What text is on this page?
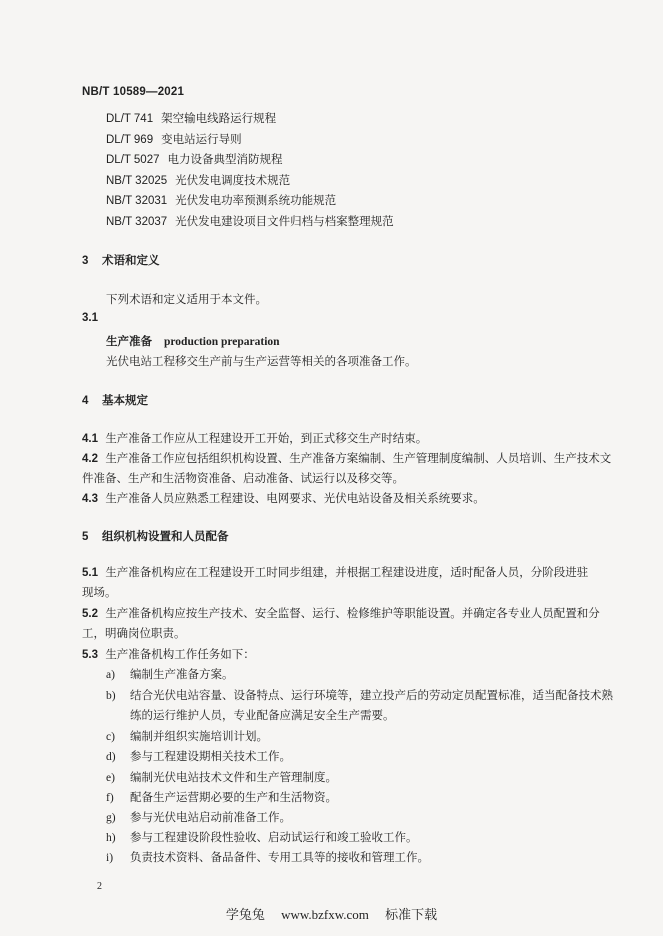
NB/T 10589—2021
DL/T 741 架空输电线路运行规程
DL/T 969 变电站运行导则
DL/T 5027 电力设备典型消防规程
NB/T 32025 光伏发电调度技术规范
NB/T 32031 光伏发电功率预测系统功能规范
NB/T 32037 光伏发电建设项目文件归档与档案整理规范
3 术语和定义
下列术语和定义适用于本文件。
3.1
生产准备 production preparation
光伏电站工程移交生产前与生产运营等相关的各项准备工作。
4 基本规定
4.1 生产准备工作应从工程建设开工开始，到正式移交生产时结束。
4.2 生产准备工作应包括组织机构设置、生产准备方案编制、生产管理制度编制、人员培训、生产技术文
件准备、生产和生活物资准备、启动准备、试运行以及移交等。
4.3 生产准备人员应熟悉工程建设、电网要求、光伏电站设备及相关系统要求。
5 组织机构设置和人员配备
5.1 生产准备机构应在工程建设开工时同步组建，并根据工程建设进度，适时配备人员，分阶段进驻
现场。
5.2 生产准备机构应按生产技术、安全监督、运行、检修维护等职能设置。并确定各专业人员配置和分
工，明确岗位职责。
5.3 生产准备机构工作任务如下：
a) 编制生产准备方案。
b) 结合光伏电站容量、设备特点、运行环境等，建立投产后的劳动定员配置标准，适当配备技术熟
练的运行维护人员，专业配备应满足安全生产需要。
c) 编制并组织实施培训计划。
d) 参与工程建设期相关技术工作。
e) 编制光伏电站技术文件和生产管理制度。
f) 配备生产运营期必要的生产和生活物资。
g) 参与光伏电站启动前准备工作。
h) 参与工程建设阶段性验收、启动试运行和竣工验收工作。
i) 负责技术资料、备品备件、专用工具等的接收和管理工作。
2
学兔兔 www.bzfxw.com 标准下载
